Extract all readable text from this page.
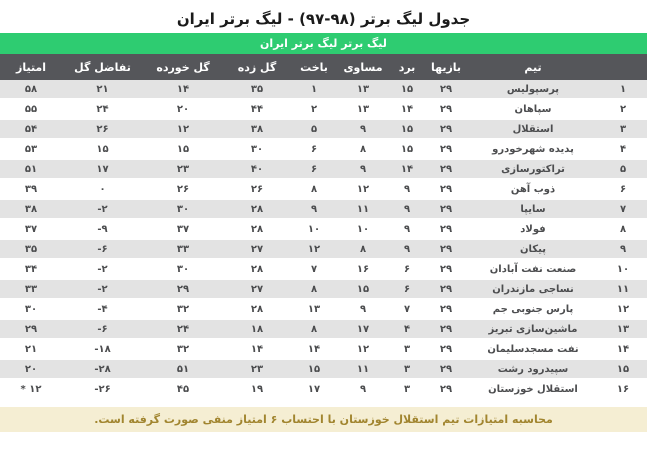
جدول لیگ برتر ⁦(۹۷-۹۸)⁩ - لیگ برتر ایران
لیگ برتر لیگ برتر ایران
	تیم	بازیها	برد	مساوی	باخت	گل زده	گل خورده	تفاضل گل	امتیاز
۱	پرسپولیس	۲۹	۱۵	۱۳	۱	۳۵	۱۴	۲۱	۵۸
۲	سپاهان	۲۹	۱۴	۱۳	۲	۴۴	۲۰	۲۴	۵۵
۳	استقلال	۲۹	۱۵	۹	۵	۳۸	۱۲	۲۶	۵۴
۴	پدیده شهرخودرو	۲۹	۱۵	۸	۶	۳۰	۱۵	۱۵	۵۳
۵	تراکتورسازی	۲۹	۱۴	۹	۶	۴۰	۲۳	۱۷	۵۱
۶	ذوب آهن	۲۹	۹	۱۲	۸	۲۶	۲۶	۰	۳۹
۷	سایپا	۲۹	۹	۱۱	۹	۲۸	۳۰	-۲	۳۸
۸	فولاد	۲۹	۹	۱۰	۱۰	۲۸	۳۷	-۹	۳۷
۹	پیکان	۲۹	۹	۸	۱۲	۲۷	۳۳	-۶	۳۵
۱۰	صنعت نفت آبادان	۲۹	۶	۱۶	۷	۲۸	۳۰	-۲	۳۴
۱۱	نساجی مازندران	۲۹	۶	۱۵	۸	۲۷	۲۹	-۲	۳۳
۱۲	پارس جنوبی جم	۲۹	۷	۹	۱۳	۲۸	۳۲	-۴	۳۰
۱۳	ماشین‌سازی تبریز	۲۹	۴	۱۷	۸	۱۸	۲۴	-۶	۲۹
۱۴	نفت مسجدسلیمان	۲۹	۳	۱۲	۱۴	۱۴	۳۲	-۱۸	۲۱
۱۵	سپیدرود رشت	۲۹	۳	۱۱	۱۵	۲۳	۵۱	-۲۸	۲۰
۱۶	استقلال خوزستان	۲۹	۳	۹	۱۷	۱۹	۴۵	-۲۶	* ۱۲
محاسبه امتیازات تیم استقلال خوزستان با احتساب ۶ امتیاز منفی صورت گرفته است.
